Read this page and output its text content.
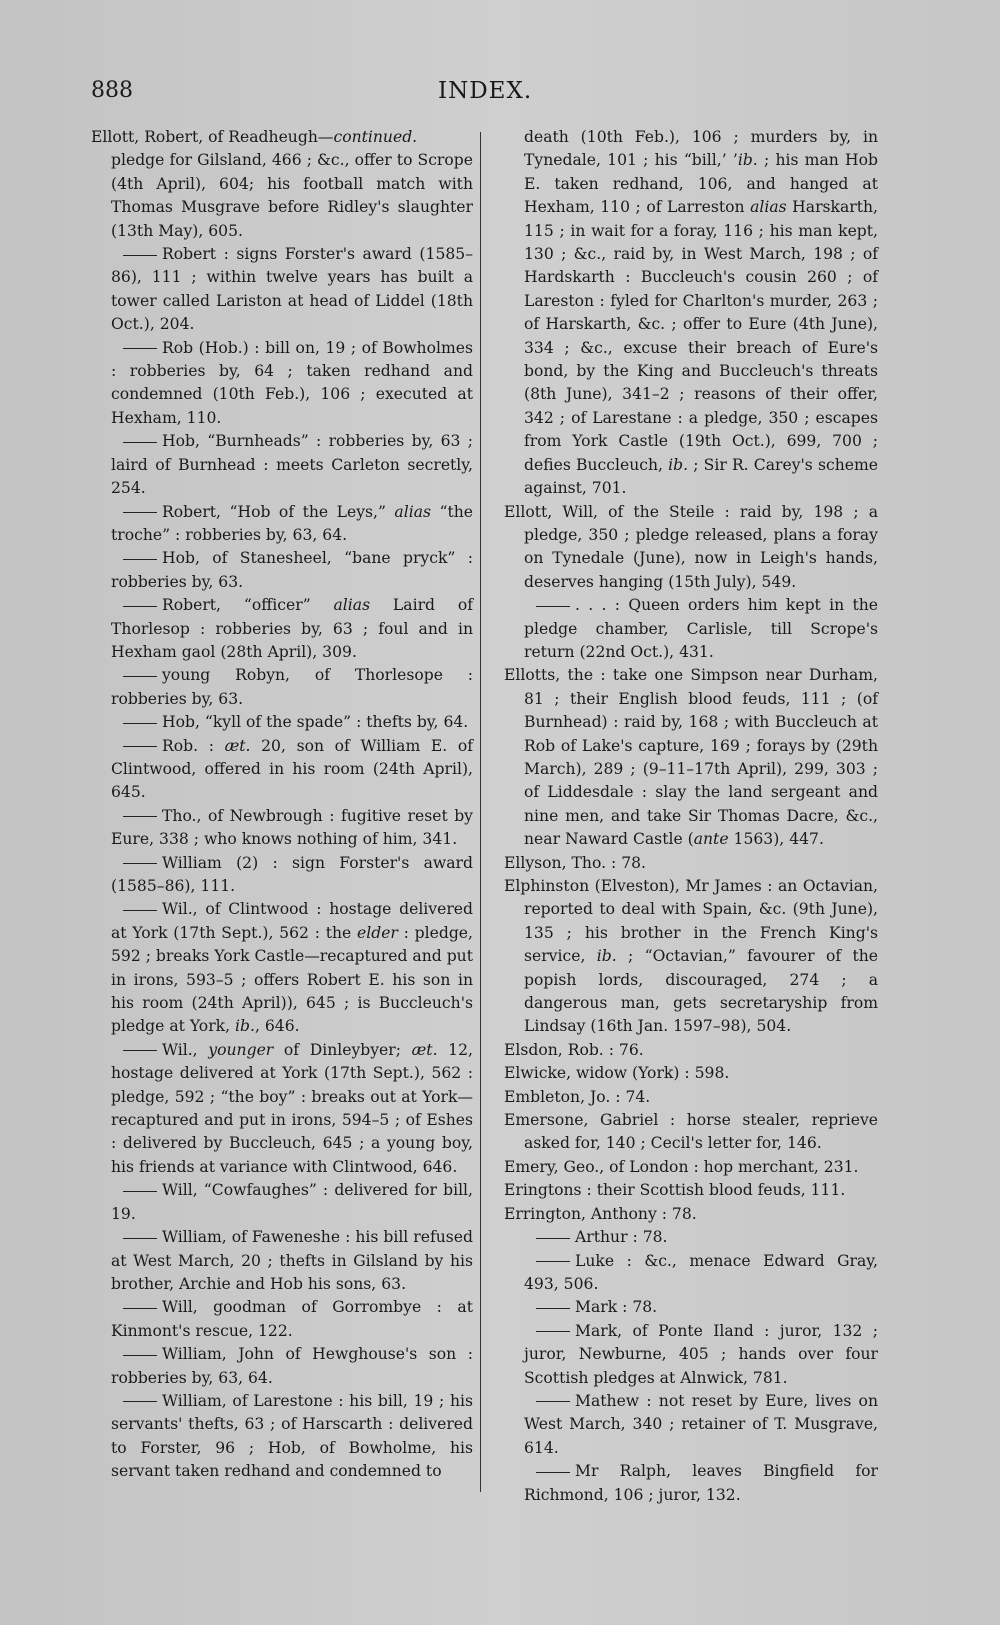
888	INDEX.

Ellott, Robert, of Readheugh—continued.

pledge for Gilsland, 466 ; &c., offer to Scrope (4th April), 604; his football match with Thomas Musgrave before Ridley's slaughter (13th May), 605.

Robert : signs Forster's award (1585–86), 111 ; within twelve years has built a tower called Lariston at head of Liddel (18th Oct.), 204.

Rob (Hob.) : bill on, 19 ; of Bowholmes : robberies by, 64 ; taken redhand and condemned (10th Feb.), 106 ; executed at Hexham, 110.

Hob, “Burnheads” : robberies by, 63 ; laird of Burnhead : meets Carleton secretly, 254.

Robert, “Hob of the Leys,” alias “the troche” : robberies by, 63, 64.

Hob, of Stanesheel, “bane pryck” : robberies by, 63.

Robert, “officer” alias Laird of Thorlesop : robberies by, 63 ; foul and in Hexham gaol (28th April), 309.

young Robyn, of Thorlesope : robberies by, 63.

Hob, “kyll of the spade” : thefts by, 64.

Rob. : æt. 20, son of William E. of Clintwood, offered in his room (24th April), 645.

Tho., of Newbrough : fugitive reset by Eure, 338 ; who knows nothing of him, 341.

William (2) : sign Forster's award (1585–86), 111.

Wil., of Clintwood : hostage delivered at York (17th Sept.), 562 : the elder : pledge, 592 ; breaks York Castle—recaptured and put in irons, 593–5 ; offers Robert E. his son in his room (24th April)), 645 ; is Buccleuch's pledge at York, ib., 646.

Wil., younger of Dinleybyer; æt. 12, hostage delivered at York (17th Sept.), 562 : pledge, 592 ; “the boy” : breaks out at York—recaptured and put in irons, 594–5 ; of Eshes : delivered by Buccleuch, 645 ; a young boy, his friends at variance with Clintwood, 646.

Will, “Cowfaughes” : delivered for bill, 19.

William, of Faweneshe : his bill refused at West March, 20 ; thefts in Gilsland by his brother, Archie and Hob his sons, 63.

Will, goodman of Gorrombye : at Kinmont's rescue, 122.

William, John of Hewghouse's son : robberies by, 63, 64.

William, of Larestone : his bill, 19 ; his servants' thefts, 63 ; of Harscarth : delivered to Forster, 96 ; Hob, of Bowholme, his servant taken redhand and condemned to

death (10th Feb.), 106 ; murders by, in Tynedale, 101 ; his “bill,’ ’ib. ; his man Hob E. taken redhand, 106, and hanged at Hexham, 110 ; of Larreston alias Harskarth, 115 ; in wait for a foray, 116 ; his man kept, 130 ; &c., raid by, in West March, 198 ; of Hardskarth : Buccleuch's cousin 260 ; of Lareston : fyled for Charlton's murder, 263 ; of Harskarth, &c. ; offer to Eure (4th June), 334 ; &c., excuse their breach of Eure's bond, by the King and Buccleuch's threats (8th June), 341–2 ; reasons of their offer, 342 ; of Larestane : a pledge, 350 ; escapes from York Castle (19th Oct.), 699, 700 ; defies Buccleuch, ib. ; Sir R. Carey's scheme against, 701.

Ellott, Will, of the Steile : raid by, 198 ; a pledge, 350 ; pledge released, plans a foray on Tynedale (June), now in Leigh's hands, deserves hanging (15th July), 549.

. . . : Queen orders him kept in the pledge chamber, Carlisle, till Scrope's return (22nd Oct.), 431.

Ellotts, the : take one Simpson near Durham, 81 ; their English blood feuds, 111 ; (of Burnhead) : raid by, 168 ; with Buccleuch at Rob of Lake's capture, 169 ; forays by (29th March), 289 ; (9–11–17th April), 299, 303 ; of Liddesdale : slay the land sergeant and nine men, and take Sir Thomas Dacre, &c., near Naward Castle (ante 1563), 447.

Ellyson, Tho. : 78.

Elphinston (Elveston), Mr James : an Octavian, reported to deal with Spain, &c. (9th June), 135 ; his brother in the French King's service, ib. ; “Octavian,” favourer of the popish lords, discouraged, 274 ; a dangerous man, gets secretaryship from Lindsay (16th Jan. 1597–98), 504.

Elsdon, Rob. : 76.

Elwicke, widow (York) : 598.

Embleton, Jo. : 74.

Emersone, Gabriel : horse stealer, reprieve asked for, 140 ; Cecil's letter for, 146.

Emery, Geo., of London : hop merchant, 231.

Eringtons : their Scottish blood feuds, 111.

Errington, Anthony : 78.

Arthur : 78.

Luke : &c., menace Edward Gray, 493, 506.

Mark : 78.

Mark, of Ponte Iland : juror, 132 ; juror, Newburne, 405 ; hands over four Scottish pledges at Alnwick, 781.

Mathew : not reset by Eure, lives on West March, 340 ; retainer of T. Musgrave, 614.

Mr Ralph, leaves Bingfield for Richmond, 106 ; juror, 132.
